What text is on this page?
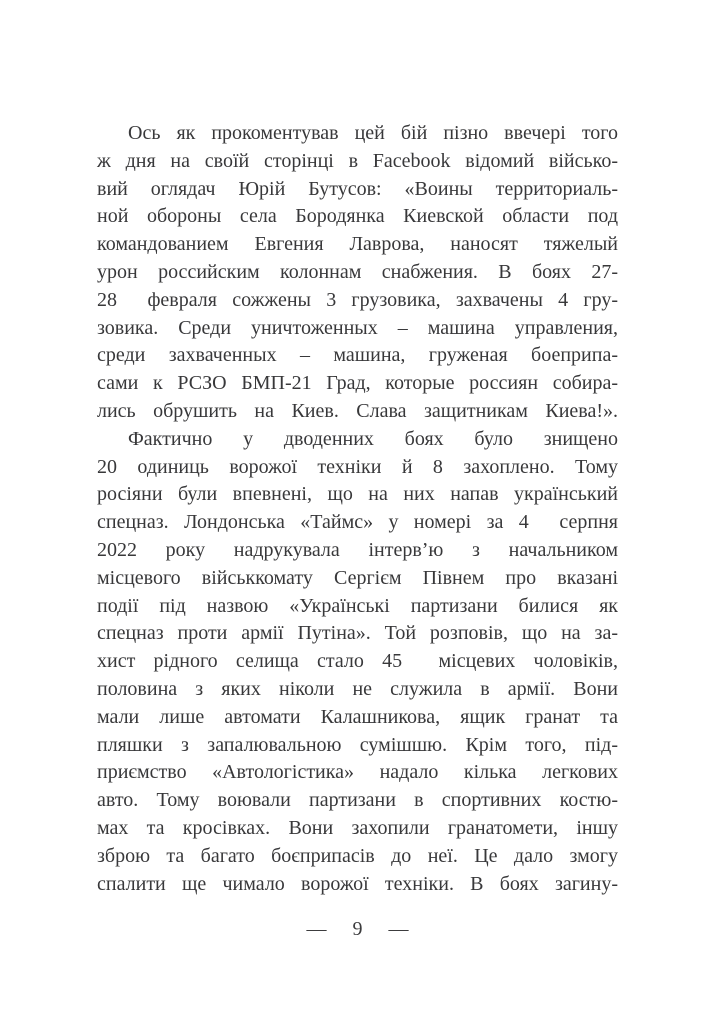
Ось як прокоментував цей бій пізно ввечері того
ж дня на своїй сторінці в Facebook відомий військо-
вий оглядач Юрій Бутусов: «Воины территориаль-
ной обороны села Бородянка Киевской области под
командованием Евгения Лаврова, наносят тяжелый
урон российским колоннам снабжения. В боях 27-
28  февраля сожжены 3 грузовика, захвачены 4 гру-
зовика. Среди уничтоженных – машина управления,
среди захваченных – машина, груженая боеприпа-
сами к РСЗО БМП-21 Град, которые россиян собира-
лись обрушить на Киев. Слава защитникам Киева!».
Фактично у дводенних боях було знищено
20 одиниць ворожої техніки й 8 захоплено. Тому
росіяни були впевнені, що на них напав український
спецназ. Лондонська «Таймс» у номері за 4  серпня
2022 року надрукувала інтерв’ю з начальником
місцевого військкомату Сергієм Півнем про вказані
події під назвою «Українські партизани билися як
спецназ проти армії Путіна». Той розповів, що на за-
хист рідного селища стало 45  місцевих чоловіків,
половина з яких ніколи не служила в армії. Вони
мали лише автомати Калашникова, ящик гранат та
пляшки з запалювальною сумішшю. Крім того, під-
приємство «Автологістика» надало кілька легкових
авто. Тому воювали партизани в спортивних костю-
мах та кросівках. Вони захопили гранатомети, іншу
зброю та багато боєприпасів до неї. Це дало змогу
спалити ще чимало ворожої техніки. В боях загину-
— 9 —
